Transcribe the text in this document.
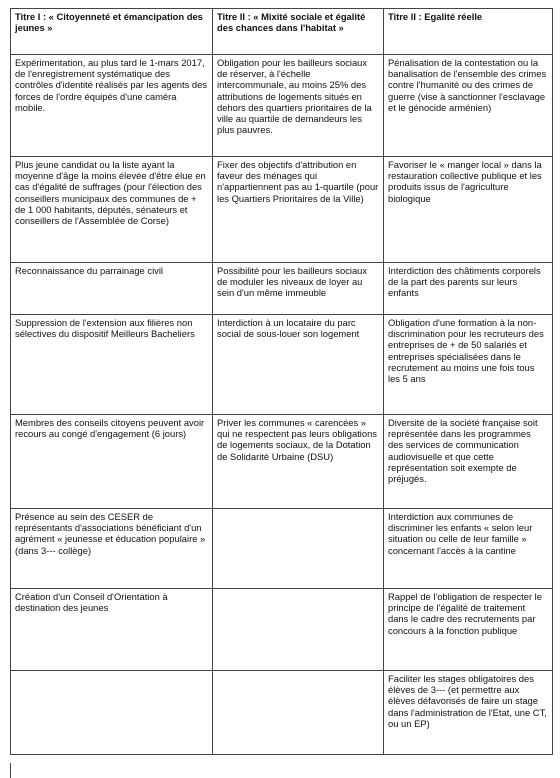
Titre I : « Citoyenneté et émancipation des jeunes »	Titre II : « Mixité sociale et égalité des chances dans l'habitat »	Titre II : Egalité réelle
Expérimentation, au plus tard le 1-mars 2017, de l'enregistrement systématique des contrôles d'identité réalisés par les agents des forces de l'ordre équipés d'une caméra mobile.	Obligation pour les bailleurs sociaux de réserver, à l'échelle intercommunale, au moins 25% des attributions de logements situés en dehors des quartiers prioritaires de la ville au quartile de demandeurs les plus pauvres.	Pénalisation de la contestation ou la banalisation de l'ensemble des crimes contre l'humanité ou des crimes de guerre (vise à sanctionner l'esclavage et le génocide arménien)
Plus jeune candidat ou la liste ayant la moyenne d'âge la moins élevée d'être élue en cas d'égalité de suffrages (pour l'élection des conseillers municipaux des communes de + de 1 000 habitants, députés, sénateurs et conseillers de l'Assemblée de Corse)	Fixer des objectifs d'attribution en faveur des ménages qui n'appartiennent pas au 1-quartile (pour les Quartiers Prioritaires de la Ville)	Favoriser le « manger local » dans la restauration collective publique et les produits issus de l'agriculture biologique
Reconnaissance du parrainage civil	Possibilité pour les bailleurs sociaux de moduler les niveaux de loyer au sein d'un même immeuble	Interdiction des châtiments corporels de la part des parents sur leurs enfants
Suppression de l'extension aux filières non sélectives du dispositif Meilleurs Bacheliers	Interdiction à un locataire du parc social de sous-louer son logement	Obligation d'une formation à la non-discrimination pour les recruteurs des entreprises de + de 50 salariés et entreprises spécialisées dans le recrutement au moins une fois tous les 5 ans
Membres des conseils citoyens peuvent avoir recours au congé d'engagement (6 jours)	Priver les communes « carencées » qui ne respectent pas leurs obligations de logements sociaux, de la Dotation de Solidarité Urbaine (DSU)	Diversité de la société française soit représentée dans les programmes des services de communication audiovisuelle et que cette représentation soit exempte de préjugés.
Présence au sein des CESER de représentants d'associations bénéficiant d'un agrément « jeunesse et éducation populaire » (dans 3--- collège)		Interdiction aux communes de discriminer les enfants « selon leur situation ou celle de leur famille » concernant l'accès à la cantine
Création d'un Conseil d'Orientation à destination des jeunes		Rappel de l'obligation de respecter le principe de l'égalité de traitement dans le cadre des recrutements par concours à la fonction publique
		Faciliter les stages obligatoires des élèves de 3--- (et permettre aux élèves défavorisés de faire un stage dans l'administration de l'Etat, une CT, ou un EP)
